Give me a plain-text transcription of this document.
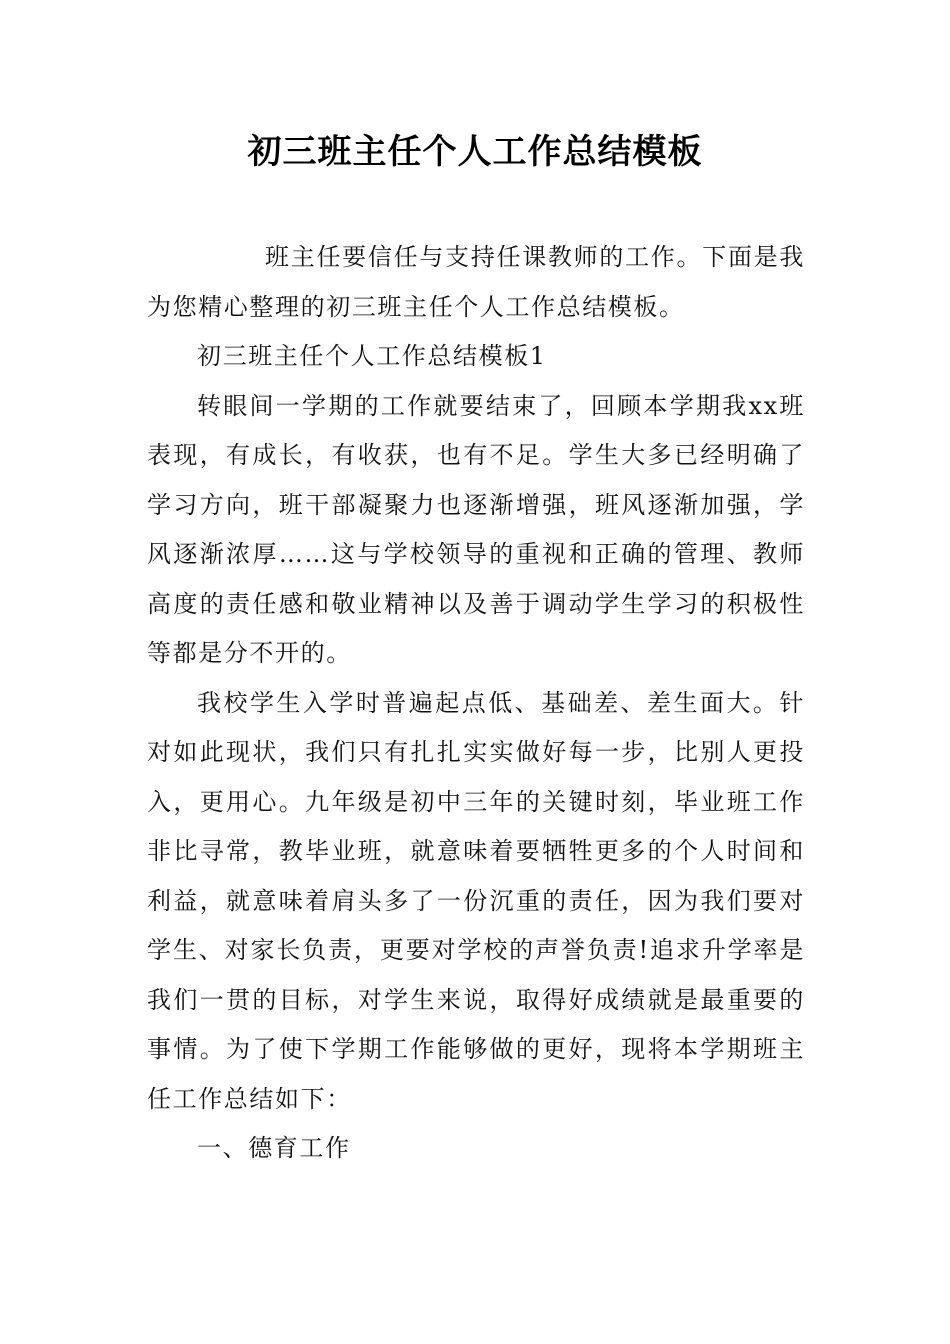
初三班主任个人工作总结模板

班主任要信任与支持任课教师的工作。下面是我为您精心整理的初三班主任个人工作总结模板。

初三班主任个人工作总结模板1

转眼间一学期的工作就要结束了，回顾本学期我xx班表现，有成长，有收获，也有不足。学生大多已经明确了学习方向，班干部凝聚力也逐渐增强，班风逐渐加强，学风逐渐浓厚……这与学校领导的重视和正确的管理、教师高度的责任感和敬业精神以及善于调动学生学习的积极性等都是分不开的。

我校学生入学时普遍起点低、基础差、差生面大。针对如此现状，我们只有扎扎实实做好每一步，比别人更投入，更用心。九年级是初中三年的关键时刻，毕业班工作非比寻常，教毕业班，就意味着要牺牲更多的个人时间和利益，就意味着肩头多了一份沉重的责任，因为我们要对学生、对家长负责，更要对学校的声誉负责!追求升学率是我们一贯的目标，对学生来说，取得好成绩就是最重要的事情。为了使下学期工作能够做的更好，现将本学期班主任工作总结如下：

一、德育工作
